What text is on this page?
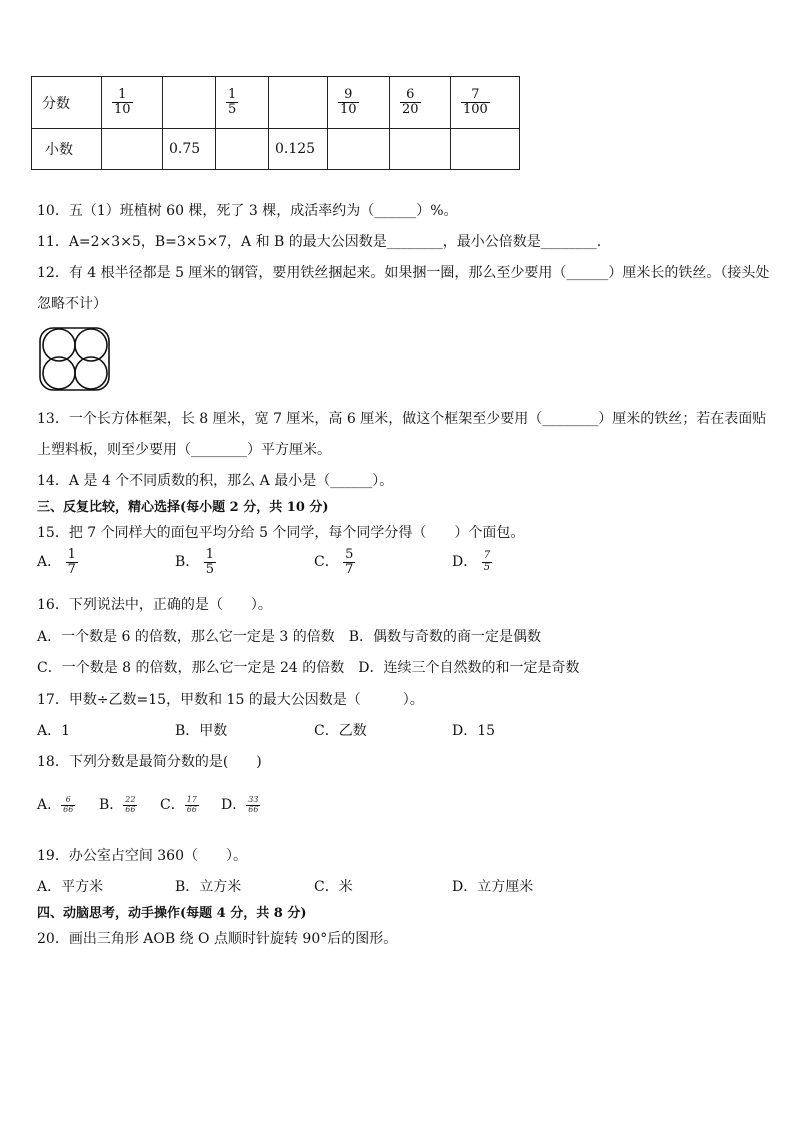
分数	$\frac{1}{10}$		$\frac{1}{5}$		$\frac{9}{10}$	$\frac{6}{20}$	$\frac{7}{100}$

小数		0.75		0.125			
10．五（1）班植树 60 棵，死了 3 棵，成活率约为（______）%。
11．A=2×3×5，B=3×5×7，A 和 B 的最大公因数是________，最小公倍数是________.
12．有 4 根半径都是 5 厘米的钢管，要用铁丝捆起来。如果捆一圈，那么至少要用（______）厘米长的铁丝。（接头处
忽略不计）
13．一个长方体框架，长 8 厘米，宽 7 厘米，高 6 厘米，做这个框架至少要用（________）厘米的铁丝；若在表面贴
上塑料板，则至少要用（________）平方厘米。
14．A 是 4 个不同质数的积，那么 A 最小是（______）。
三、反复比较，精心选择(每小题 2 分，共 10 分)
15．把 7 个同样大的面包平均分给 5 个同学，每个同学分得（　　）个面包。
A． $\frac{1}{7}$	B． $\frac{1}{5}$	C． $\frac{5}{7}$	D． $\frac{7}{5}$
16．下列说法中，正确的是（　　）。
A．一个数是 6 的倍数，那么它一定是 3 的倍数　B．偶数与奇数的商一定是偶数
C．一个数是 8 的倍数，那么它一定是 24 的倍数　D．连续三个自然数的和一定是奇数
17．甲数÷乙数=15，甲数和 15 的最大公因数是（　　　）。
A．1	B．甲数	C．乙数	D．15
18．下列分数是最简分数的是(　　)
A． $\frac{6}{66}$ B． $\frac{22}{66}$ C． $\frac{17}{66}$ D． $\frac{33}{66}$
19．办公室占空间 360（　　）。
A．平方米	B．立方米	C．米	D．立方厘米
四、动脑思考，动手操作(每题 4 分，共 8 分)
20．画出三角形 AOB 绕 O 点顺时针旋转 90°后的图形。
